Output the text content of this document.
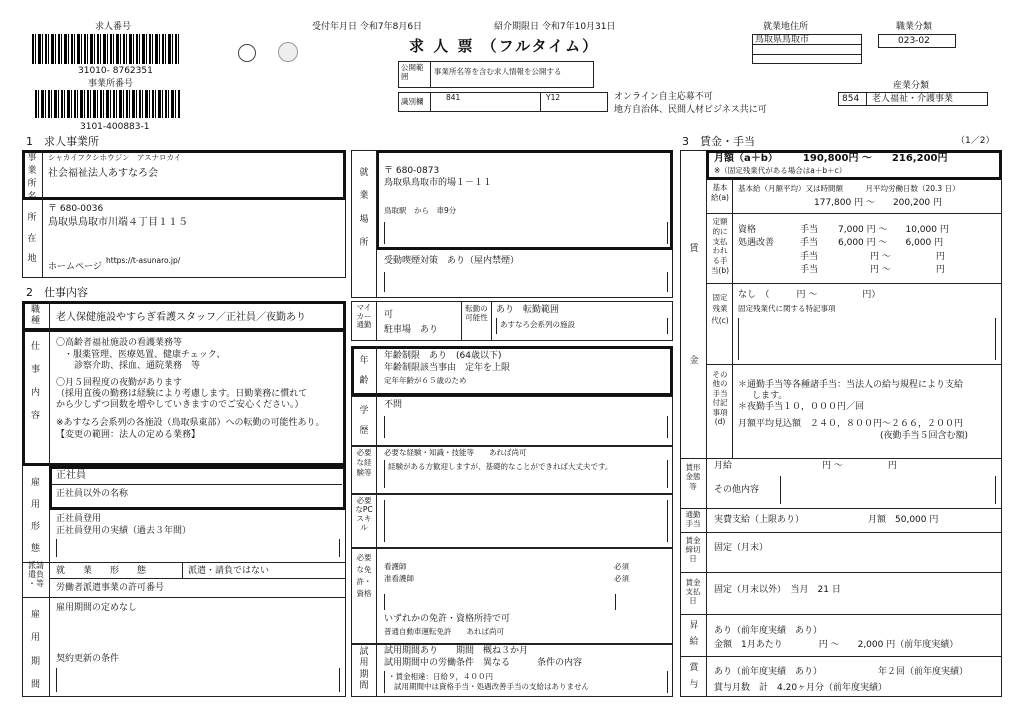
求人番号
31010- 8762351
事業所番号
3101-400883-1
受付年月日 令和7年8月6日	紹介期限日 令和7年10月31日
求 人 票 （フルタイム）
公開範囲
事業所名等を含む求人情報を公開する
識別欄	841	Y12	オンライン自主応募不可
地方自治体、民間人材ビジネス共に可
就業地住所
鳥取県鳥取市
職業分類
023-02
産業分類
854 老人福祉・介護事業
1　求人事業所
事
業
所
名
シャカイフクシホウジン　アスナロカイ
社会福祉法人あすなろ会
所
在
地
〒 680-0036
鳥取県鳥取市川端４丁目１１５
ホームページ
https://t-asunaro.jp/
就
業
場
所
〒 680-0873
鳥取県鳥取市的場１－１１
鳥取駅　から　車9分
受動喫煙対策　あり（屋内禁煙）
2　仕事内容
職
種	老人保健施設やすらぎ看護スタッフ／正社員／夜勤あり
仕
事
内
容
〇高齢者福祉施設の看護業務等
・服薬管理、医療処置、健康チェック、
診察介助、採血、通院業務　等
〇月５回程度の夜勤があります
（採用直後の勤務は経験により考慮します。日勤業務に慣れて
から少しずつ回数を増やしていきますのでご安心ください。）
※あすなろ会系列の各施設（鳥取県東部）への転勤の可能性あり。
【変更の範囲：法人の定める業務】
雇
用
形
態
正社員
正社員以外の名称
正社員登用
正社員登用の実績（過去３年間）
派請
遣負
・等
就　　業　　形　　態	派遣・請負ではない
労働者派遣事業の許可番号
雇
用
期
間
雇用期間の定めなし
契約更新の条件
マイカー通勤
可
駐車場　あり
転勤の可能性
あり　転勤範囲
あすなろ会系列の施設
年
齢
年齢制限　あり　(64歳以下)
年齢制限該当事由　定年を上限
定年年齢が６５歳のため
学
歴
不問
必要な経験等
必要な経験・知識・技能等　　あれば尚可
経験がある方歓迎しますが、基礎的なことができれば大丈夫です。
必要なPCスキル
必要な免許・資格
看護師	必須
准看護師	必須
いずれかの免許・資格所持で可
普通自動車運転免許　　あれば尚可
試
用
期
間
試用期間あり　　期間　概ね３か月
試用期間中の労働条件　異なる　　　条件の内容
・賃金相違：日給９，４００円
試用期間中は資格手当・処遇改善手当の支給はありません
3　賃金・手当	（1／2）
月額（a＋b）　　　190,800円 〜　　216,200円
※（固定残業代がある場合はa＋b＋c）
賃
金
基本給(a)
基本給（月額平均）又は時間額　　　月平均労働日数（20.3 日）
177,800 円 〜　　200,200 円
定額的に支払われる手当(b)
資格	手当 7,000 円 〜　　10,000 円
処遇改善	手当 6,000 円 〜　　6,000 円
手当	円 〜　　　　　円
手当	円 〜　　　　　円
固定残業代(c)
なし　（　　　円 〜　　　　　円）
固定残業代に関する特記事項
その他の手当付記事項(d)
＊通勤手当等各種諸手当：当法人の給与規程により支給
します。
＊夜勤手当１０，０００円／回
月額平均見込額　２４０，８００円〜２６６，２００円
(夜勤手当５回含む額)
賃形金態等
月給	円 〜　　　　　円
その他内容
通勤手当	実費支給（上限あり）	月額　50,000 円
賃金締切日
固定（月末）
賃金支払日
固定（月末以外）　当月　21 日
昇
給
あり（前年度実績　あり）
金額　1月あたり　　　　円 〜　　2,000 円（前年度実績）
賞
与
あり（前年度実績　あり）	年２回（前年度実績）
賞与月数　計　4.20ヶ月分（前年度実績）
